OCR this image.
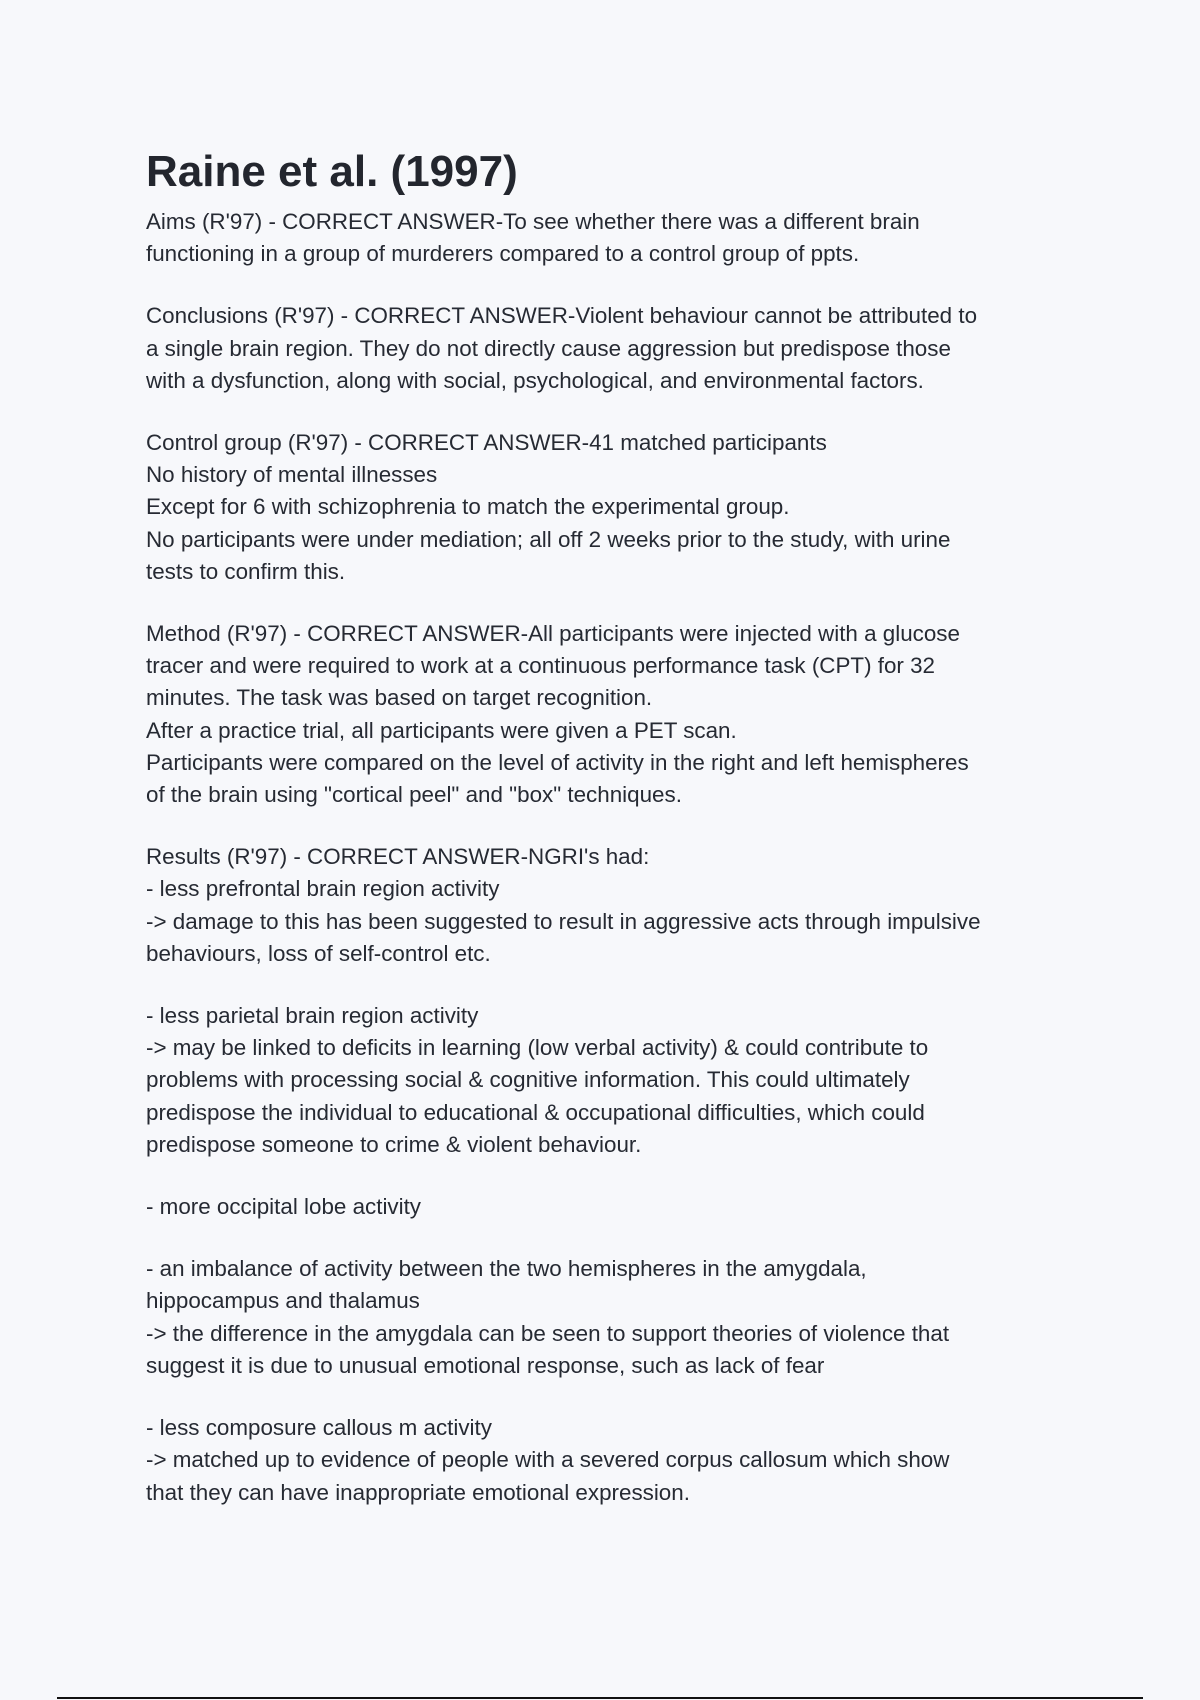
Raine et al. (1997)
Aims (R'97) - CORRECT ANSWER-To see whether there was a different brain
functioning in a group of murderers compared to a control group of ppts.
Conclusions (R'97) - CORRECT ANSWER-Violent behaviour cannot be attributed to
a single brain region. They do not directly cause aggression but predispose those
with a dysfunction, along with social, psychological, and environmental factors.
Control group (R'97) - CORRECT ANSWER-41 matched participants
No history of mental illnesses
Except for 6 with schizophrenia to match the experimental group.
No participants were under mediation; all off 2 weeks prior to the study, with urine
tests to confirm this.
Method (R'97) - CORRECT ANSWER-All participants were injected with a glucose
tracer and were required to work at a continuous performance task (CPT) for 32
minutes. The task was based on target recognition.
After a practice trial, all participants were given a PET scan.
Participants were compared on the level of activity in the right and left hemispheres
of the brain using "cortical peel" and "box" techniques.
Results (R'97) - CORRECT ANSWER-NGRI's had:
- less prefrontal brain region activity
-> damage to this has been suggested to result in aggressive acts through impulsive
behaviours, loss of self-control etc.
- less parietal brain region activity
-> may be linked to deficits in learning (low verbal activity) & could contribute to
problems with processing social & cognitive information. This could ultimately
predispose the individual to educational & occupational difficulties, which could
predispose someone to crime & violent behaviour.
- more occipital lobe activity
- an imbalance of activity between the two hemispheres in the amygdala,
hippocampus and thalamus
-> the difference in the amygdala can be seen to support theories of violence that
suggest it is due to unusual emotional response, such as lack of fear
- less composure callous m activity
-> matched up to evidence of people with a severed corpus callosum which show
that they can have inappropriate emotional expression.
